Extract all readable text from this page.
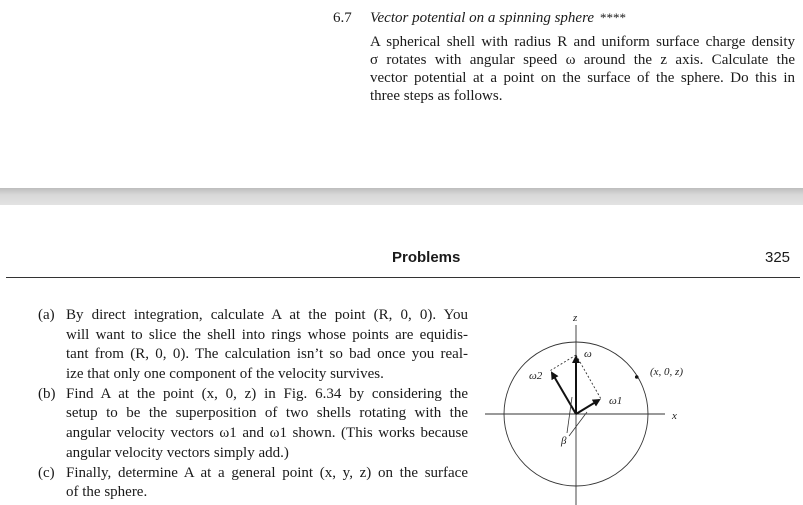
6.7 Vector potential on a spinning sphere ****
A spherical shell with radius R and uniform surface charge density
σ rotates with angular speed ω around the z axis. Calculate the
vector potential at a point on the surface of the sphere. Do this in
three steps as follows.
Problems	325
(a) By direct integration, calculate A at the point (R, 0, 0). You
will want to slice the shell into rings whose points are equidis-
tant from (R, 0, 0). The calculation isn’t so bad once you real-
ize that only one component of the velocity survives.
(b) Find A at the point (x, 0, z) in Fig. 6.34 by considering the
setup to be the superposition of two shells rotating with the
angular velocity vectors ω1 and ω1 shown. (This works because
angular velocity vectors simply add.)
(c) Finally, determine A at a general point (x, y, z) on the surface
of the sphere.
z
x
ω
ω1
ω2	(x, 0, z)
β
